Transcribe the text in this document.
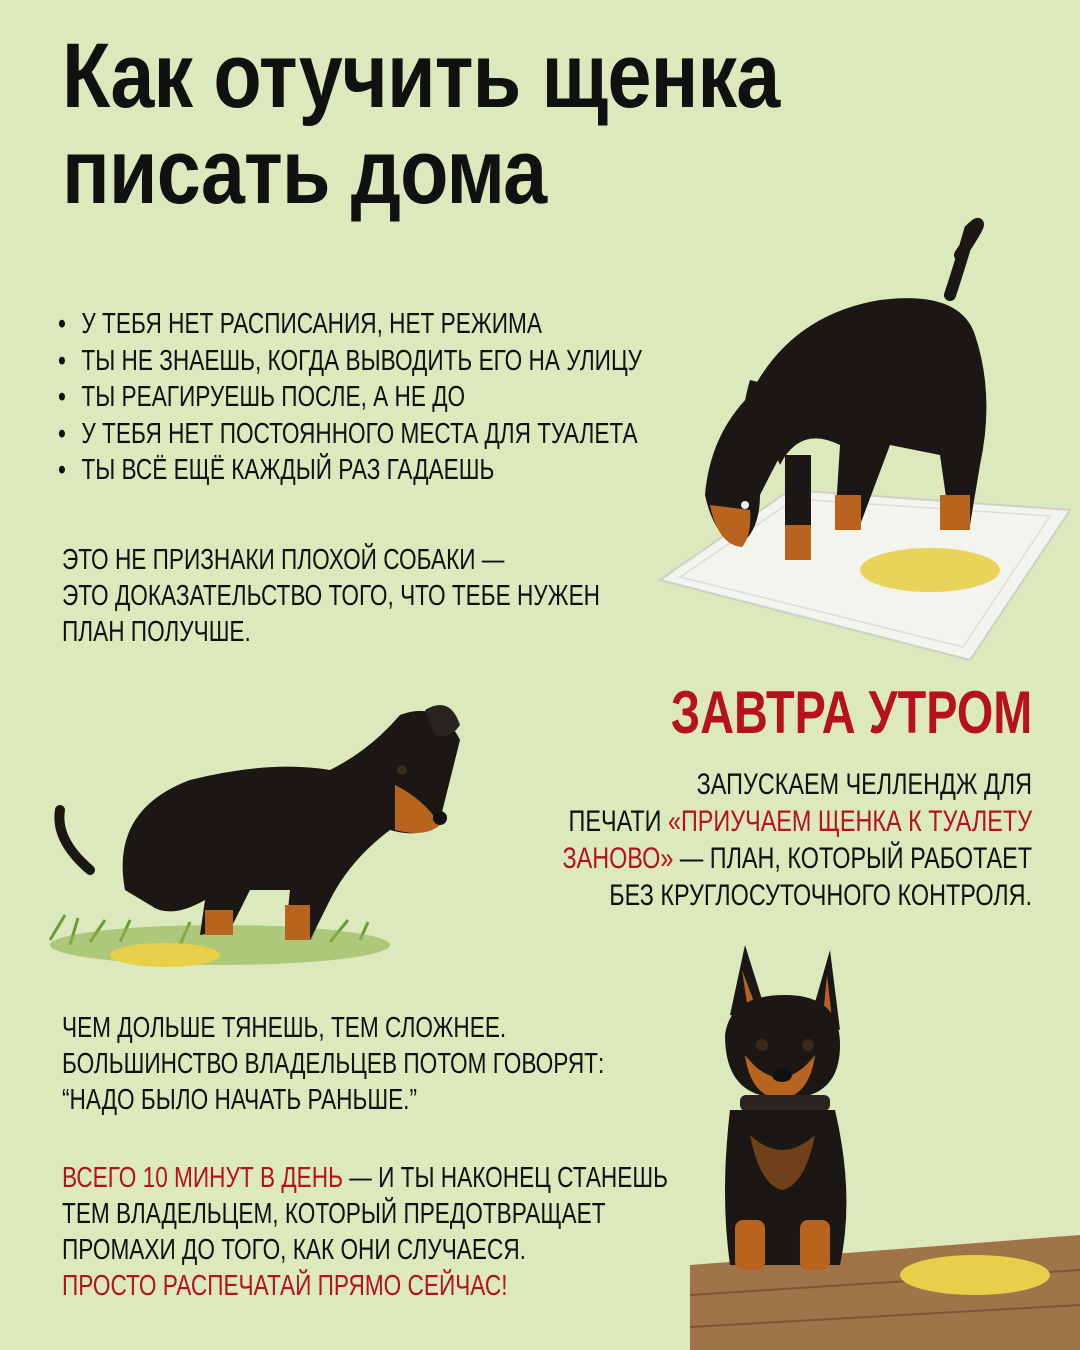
Как отучить щенка
писать дома
• У ТЕБЯ НЕТ РАСПИСАНИЯ, НЕТ РЕЖИМА
• ТЫ НЕ ЗНАЕШЬ, КОГДА ВЫВОДИТЬ ЕГО НА УЛИЦУ
• ТЫ РЕАГИРУЕШЬ ПОСЛЕ, А НЕ ДО
• У ТЕБЯ НЕТ ПОСТОЯННОГО МЕСТА ДЛЯ ТУАЛЕТА
• ТЫ ВСЁ ЕЩЁ КАЖДЫЙ РАЗ ГАДАЕШЬ
ЭТО НЕ ПРИЗНАКИ ПЛОХОЙ СОБАКИ —
ЭТО ДОКАЗАТЕЛЬСТВО ТОГО, ЧТО ТЕБЕ НУЖЕН
ПЛАН ПОЛУЧШЕ.
ЗАВТРА УТРОМ
ЗАПУСКАЕМ ЧЕЛЛЕНДЖ ДЛЯ
ПЕЧАТИ «ПРИУЧАЕМ ЩЕНКА К ТУАЛЕТУ
ЗАНОВО» — ПЛАН, КОТОРЫЙ РАБОТАЕТ
БЕЗ КРУГЛОСУТОЧНОГО КОНТРОЛЯ.
ЧЕМ ДОЛЬШЕ ТЯНЕШЬ, ТЕМ СЛОЖНЕЕ.
БОЛЬШИНСТВО ВЛАДЕЛЬЦЕВ ПОТОМ ГОВОРЯТ:
“НАДО БЫЛО НАЧАТЬ РАНЬШЕ.”
ВСЕГО 10 МИНУТ В ДЕНЬ — И ТЫ НАКОНЕЦ СТАНЕШЬ
ТЕМ ВЛАДЕЛЬЦЕМ, КОТОРЫЙ ПРЕДОТВРАЩАЕТ
ПРОМАХИ ДО ТОГО, КАК ОНИ СЛУЧАЕСЯ.
ПРОСТО РАСПЕЧАТАЙ ПРЯМО СЕЙЧАС!
